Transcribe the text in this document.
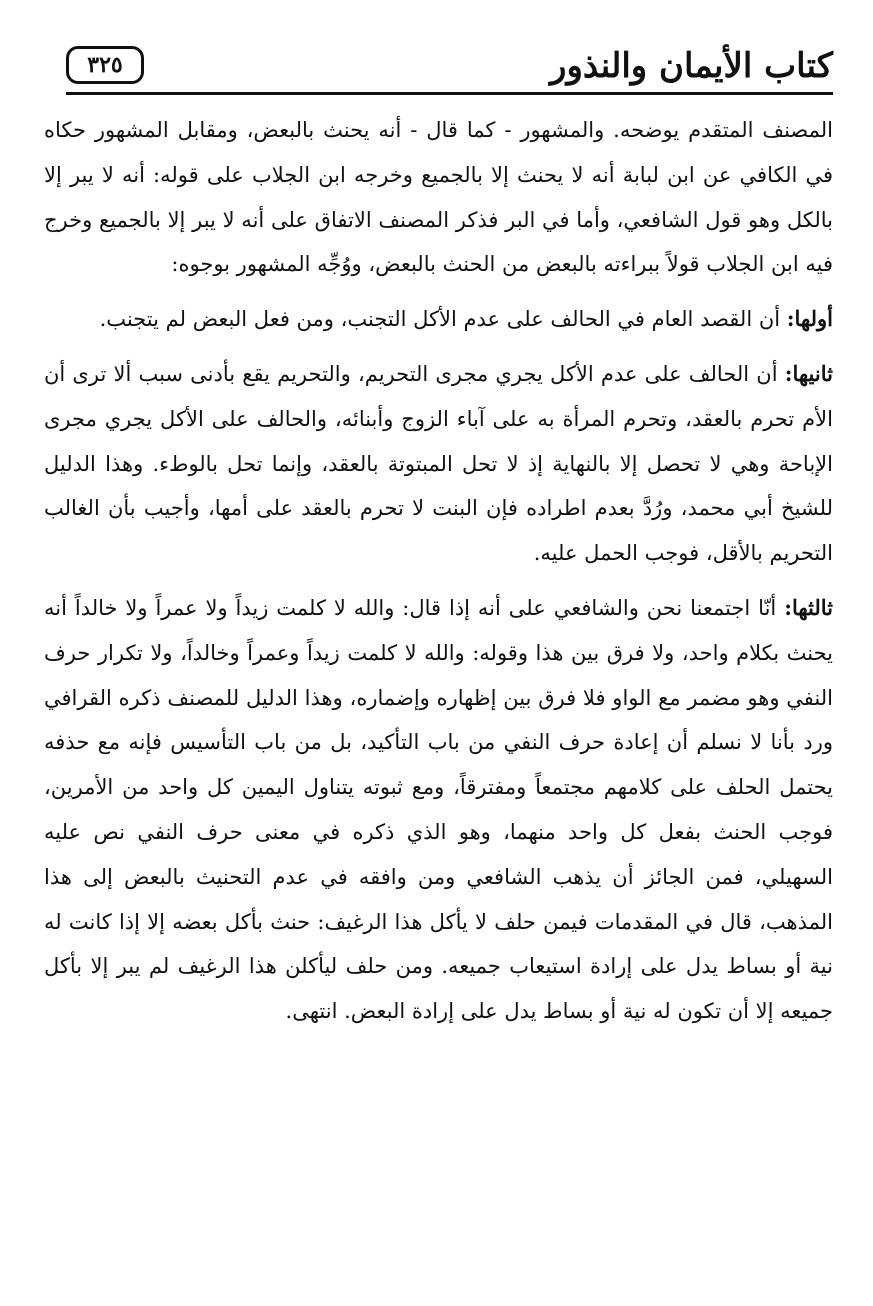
كتاب الأيمان والنذور
٣٢٥

المصنف المتقدم يوضحه. والمشهور - كما قال - أنه يحنث بالبعض، ومقابل المشهور حكاه في الكافي عن ابن لبابة أنه لا يحنث إلا بالجميع وخرجه ابن الجلاب على قوله: أنه لا يبر إلا بالكل وهو قول الشافعي، وأما في البر فذكر المصنف الاتفاق على أنه لا يبر إلا بالجميع وخرج فيه ابن الجلاب قولاً ببراءته بالبعض من الحنث بالبعض، ووُجِّه المشهور بوجوه:

أولها: أن القصد العام في الحالف على عدم الأكل التجنب، ومن فعل البعض لم يتجنب.

ثانيها: أن الحالف على عدم الأكل يجري مجرى التحريم، والتحريم يقع بأدنى سبب ألا ترى أن الأم تحرم بالعقد، وتحرم المرأة به على آباء الزوج وأبنائه، والحالف على الأكل يجري مجرى الإباحة وهي لا تحصل إلا بالنهاية إذ لا تحل المبتوتة بالعقد، وإنما تحل بالوطء. وهذا الدليل للشيخ أبي محمد، ورُدَّ بعدم اطراده فإن البنت لا تحرم بالعقد على أمها، وأجيب بأن الغالب التحريم بالأقل، فوجب الحمل عليه.

ثالثها: أنّا اجتمعنا نحن والشافعي على أنه إذا قال: والله لا كلمت زيداً ولا عمراً ولا خالداً أنه يحنث بكلام واحد، ولا فرق بين هذا وقوله: والله لا كلمت زيداً وعمراً وخالداً، ولا تكرار حرف النفي وهو مضمر مع الواو فلا فرق بين إظهاره وإضماره، وهذا الدليل للمصنف ذكره القرافي ورد بأنا لا نسلم أن إعادة حرف النفي من باب التأكيد، بل من باب التأسيس فإنه مع حذفه يحتمل الحلف على كلامهم مجتمعاً ومفترقاً، ومع ثبوته يتناول اليمين كل واحد من الأمرين، فوجب الحنث بفعل كل واحد منهما، وهو الذي ذكره في معنى حرف النفي نص عليه السهيلي، فمن الجائز أن يذهب الشافعي ومن وافقه في عدم التحنيث بالبعض إلى هذا المذهب، قال في المقدمات فيمن حلف لا يأكل هذا الرغيف: حنث بأكل بعضه إلا إذا كانت له نية أو بساط يدل على إرادة استيعاب جميعه. ومن حلف ليأكلن هذا الرغيف لم يبر إلا بأكل جميعه إلا أن تكون له نية أو بساط يدل على إرادة البعض. انتهى.
